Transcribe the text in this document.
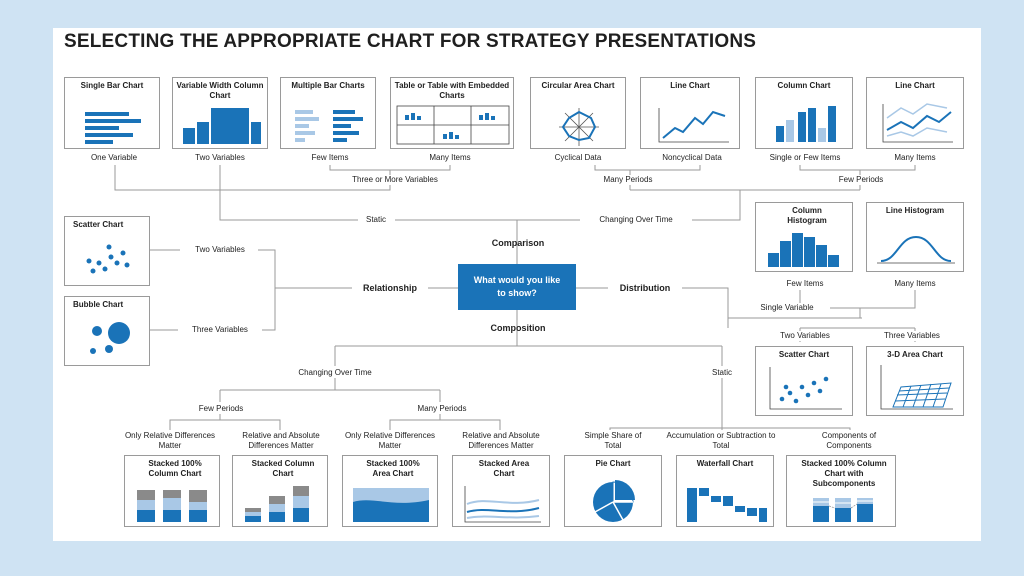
SELECTING THE APPROPRIATE CHART FOR STRATEGY PRESENTATIONS
Single Bar Chart	Variable Width Column Chart
Multiple Bar Charts	Table or Table with Embedded Charts
Circular Area Chart	Line Chart	Column Chart	Line Chart
One Variable	Two Variables	Few Items	Many Items	Cyclical Data	Noncyclical Data	Single or Few Items	Many Items
Three or More Variables	Many Periods	Few Periods
Static	Changing Over Time
Comparison
Relationship	Distribution
Composition
What would you like to show?
Scatter Chart
Bubble Chart
Two Variables
Three Variables
Column Histogram
Line Histogram
Few Items	Many Items
Single Variable
Two Variables	Three Variables
Scatter Chart	3-D Area Chart
Changing Over Time	Static
Few Periods	Many Periods
Only Relative Differences Matter
Relative and Absolute Differences Matter
Only Relative Differences Matter
Relative and Absolute Differences Matter
Simple Share of Total
Accumulation or Subtraction to Total
Components of Components
Stacked 100% Column Chart
Stacked Column Chart
Stacked 100% Area Chart
Stacked Area Chart
Pie Chart	Waterfall Chart	Stacked 100% Column Chart with Subcomponents
